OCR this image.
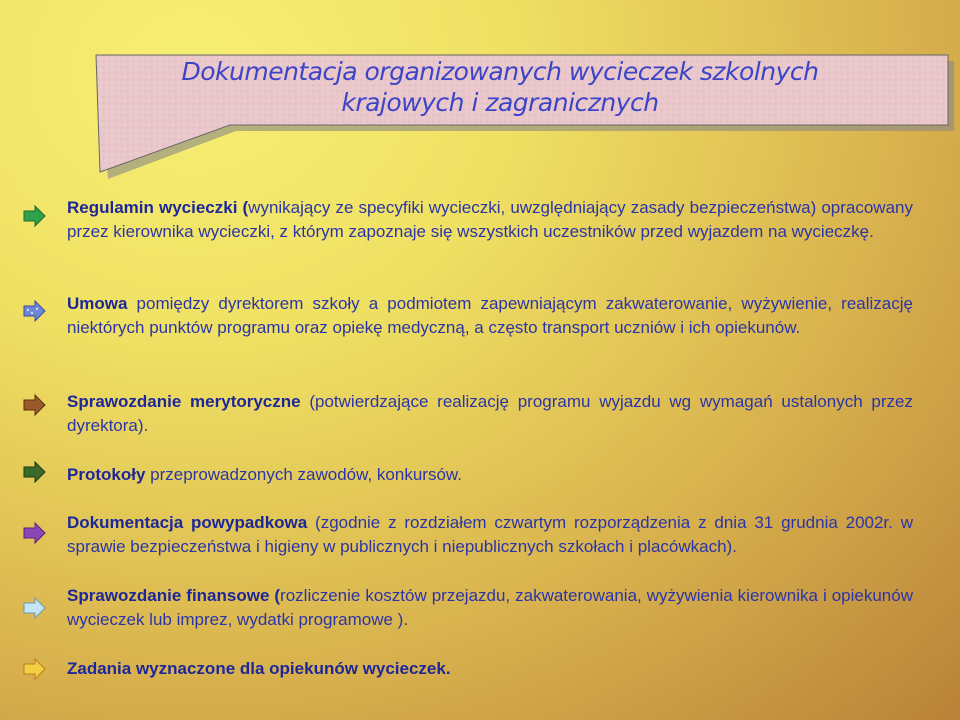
Dokumentacja organizowanych wycieczek szkolnych
krajowych i zagranicznych
Regulamin wycieczki (wynikający ze specyfiki wycieczki, uwzględniający zasady bezpieczeństwa) opracowany przez kierownika wycieczki, z którym zapoznaje się wszystkich uczestników przed wyjazdem na wycieczkę.
Umowa pomiędzy dyrektorem szkoły a podmiotem zapewniającym zakwaterowanie, wyżywienie, realizację niektórych punktów programu oraz opiekę medyczną, a często transport uczniów i ich opiekunów.
Sprawozdanie merytoryczne (potwierdzające realizację programu wyjazdu wg wymagań ustalonych przez dyrektora).
Protokoły przeprowadzonych zawodów, konkursów.
Dokumentacja powypadkowa (zgodnie z rozdziałem czwartym rozporządzenia z dnia 31 grudnia 2002r. w sprawie bezpieczeństwa i higieny w publicznych i niepublicznych szkołach i placówkach).
Sprawozdanie finansowe (rozliczenie kosztów przejazdu, zakwaterowania, wyżywienia kierownika i opiekunów wycieczek lub imprez, wydatki programowe ).
Zadania wyznaczone dla opiekunów wycieczek.
